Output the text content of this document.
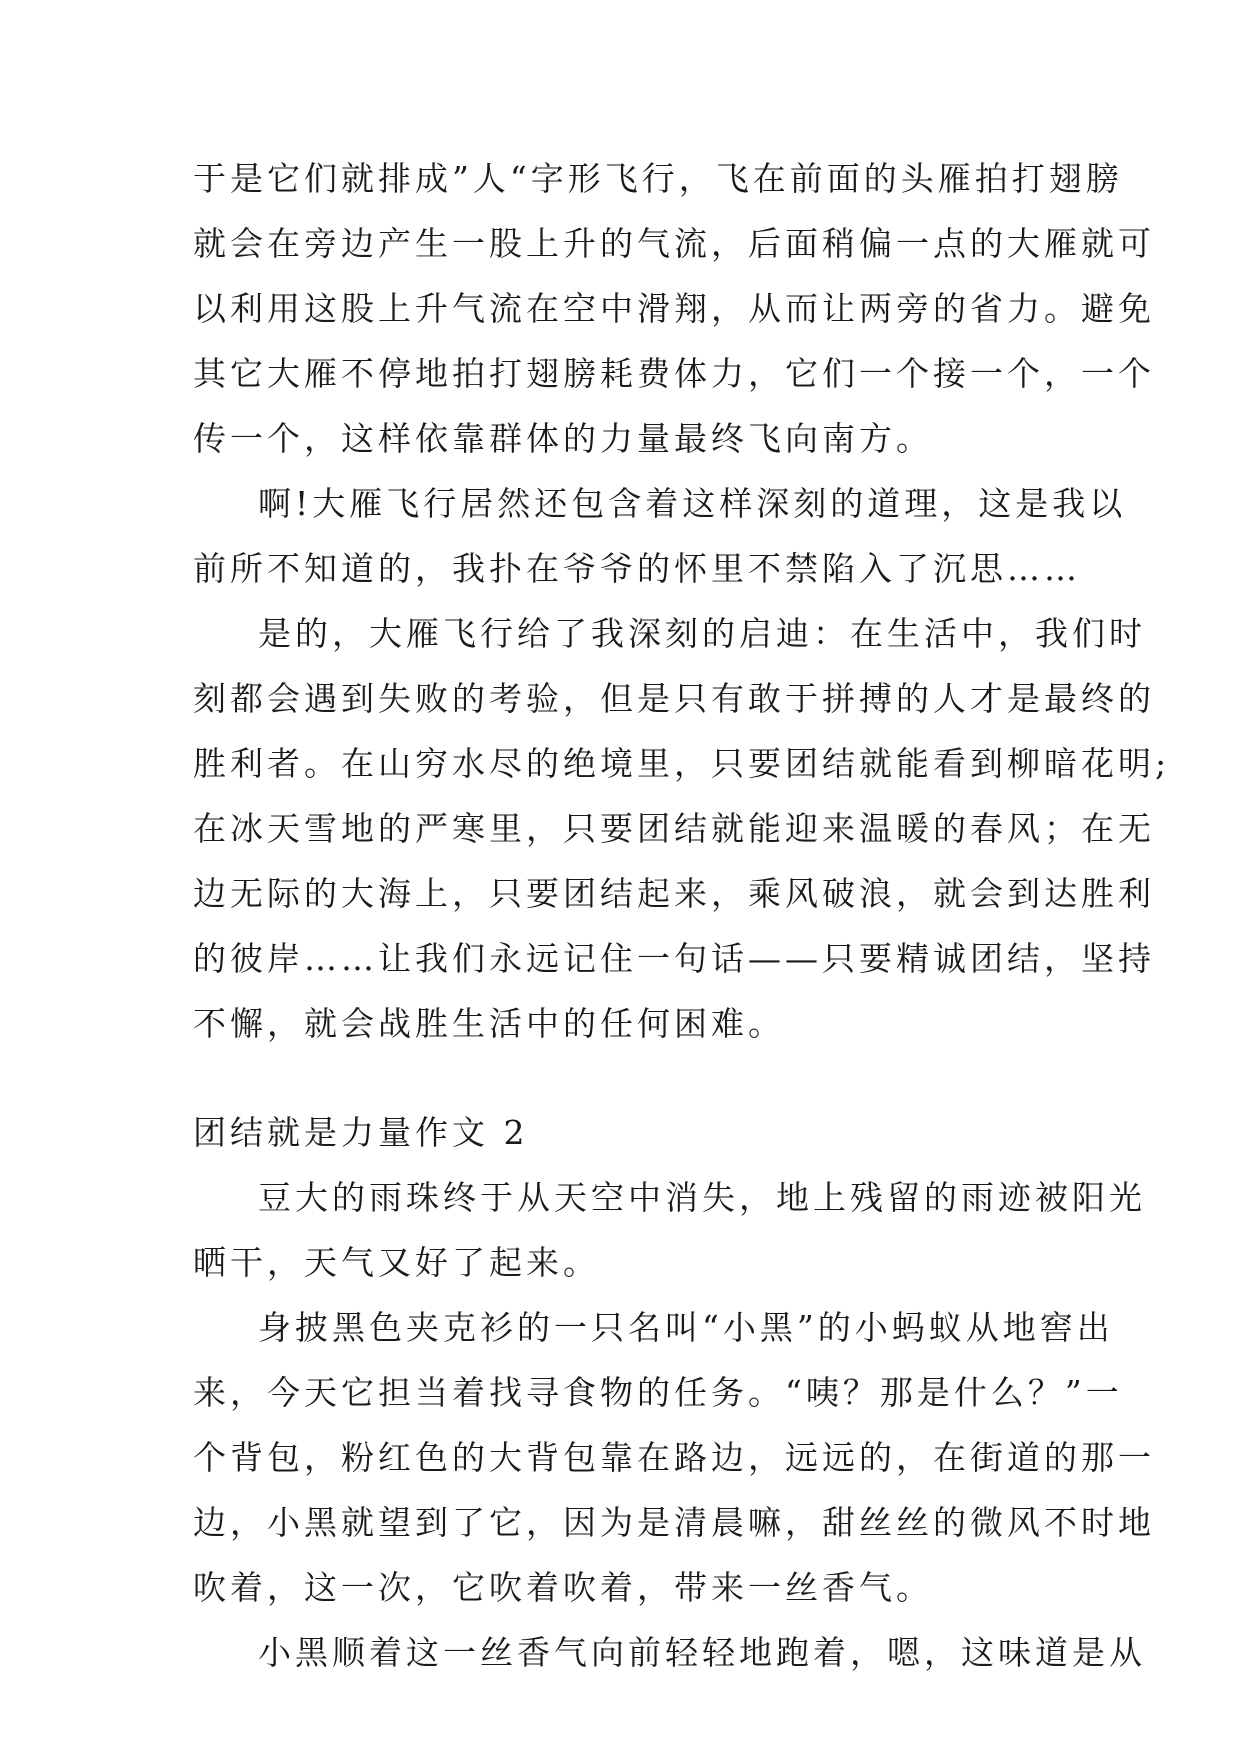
于是它们就排成”人“字形飞行，飞在前面的头雁拍打翅膀
就会在旁边产生一股上升的气流，后面稍偏一点的大雁就可
以利用这股上升气流在空中滑翔，从而让两旁的省力。避免
其它大雁不停地拍打翅膀耗费体力，它们一个接一个，一个
传一个，这样依靠群体的力量最终飞向南方。
啊!大雁飞行居然还包含着这样深刻的道理，这是我以
前所不知道的，我扑在爷爷的怀里不禁陷入了沉思……
是的，大雁飞行给了我深刻的启迪：在生活中，我们时
刻都会遇到失败的考验，但是只有敢于拼搏的人才是最终的
胜利者。在山穷水尽的绝境里，只要团结就能看到柳暗花明;
在冰天雪地的严寒里，只要团结就能迎来温暖的春风；在无
边无际的大海上，只要团结起来，乘风破浪，就会到达胜利
的彼岸……让我们永远记住一句话——只要精诚团结，坚持
不懈，就会战胜生活中的任何困难。
团结就是力量作文 2
豆大的雨珠终于从天空中消失，地上残留的雨迹被阳光
晒干，天气又好了起来。
身披黑色夹克衫的一只名叫“小黑”的小蚂蚁从地窖出
来，今天它担当着找寻食物的任务。“咦？那是什么？”一
个背包，粉红色的大背包靠在路边，远远的，在街道的那一
边，小黑就望到了它，因为是清晨嘛，甜丝丝的微风不时地
吹着，这一次，它吹着吹着，带来一丝香气。
小黑顺着这一丝香气向前轻轻地跑着，嗯，这味道是从
